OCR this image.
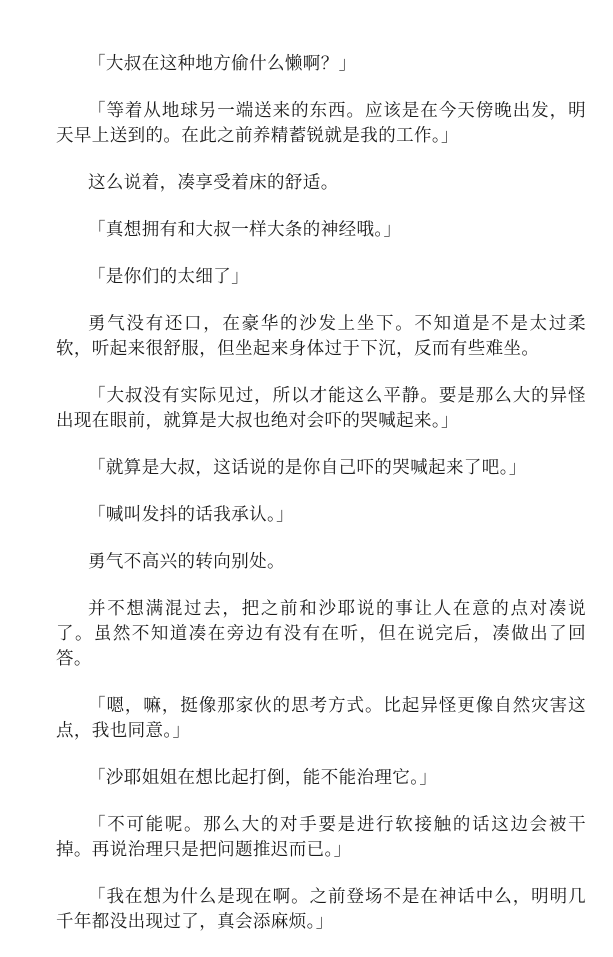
「大叔在这种地方偷什么懒啊？」

「等着从地球另一端送来的东西。应该是在今天傍晚出发，明天早上送到的。在此之前养精蓄锐就是我的工作。」

这么说着，凑享受着床的舒适。

「真想拥有和大叔一样大条的神经哦。」

「是你们的太细了」

勇气没有还口，在豪华的沙发上坐下。不知道是不是太过柔软，听起来很舒服，但坐起来身体过于下沉，反而有些难坐。

「大叔没有实际见过，所以才能这么平静。要是那么大的异怪出现在眼前，就算是大叔也绝对会吓的哭喊起来。」

「就算是大叔，这话说的是你自己吓的哭喊起来了吧。」

「喊叫发抖的话我承认。」

勇气不高兴的转向别处。

并不想满混过去，把之前和沙耶说的事让人在意的点对凑说了。虽然不知道凑在旁边有没有在听，但在说完后，凑做出了回答。

「嗯，嘛，挺像那家伙的思考方式。比起异怪更像自然灾害这点，我也同意。」

「沙耶姐姐在想比起打倒，能不能治理它。」

「不可能呢。那么大的对手要是进行软接触的话这边会被干掉。再说治理只是把问题推迟而已。」

「我在想为什么是现在啊。之前登场不是在神话中么，明明几千年都没出现过了，真会添麻烦。」
